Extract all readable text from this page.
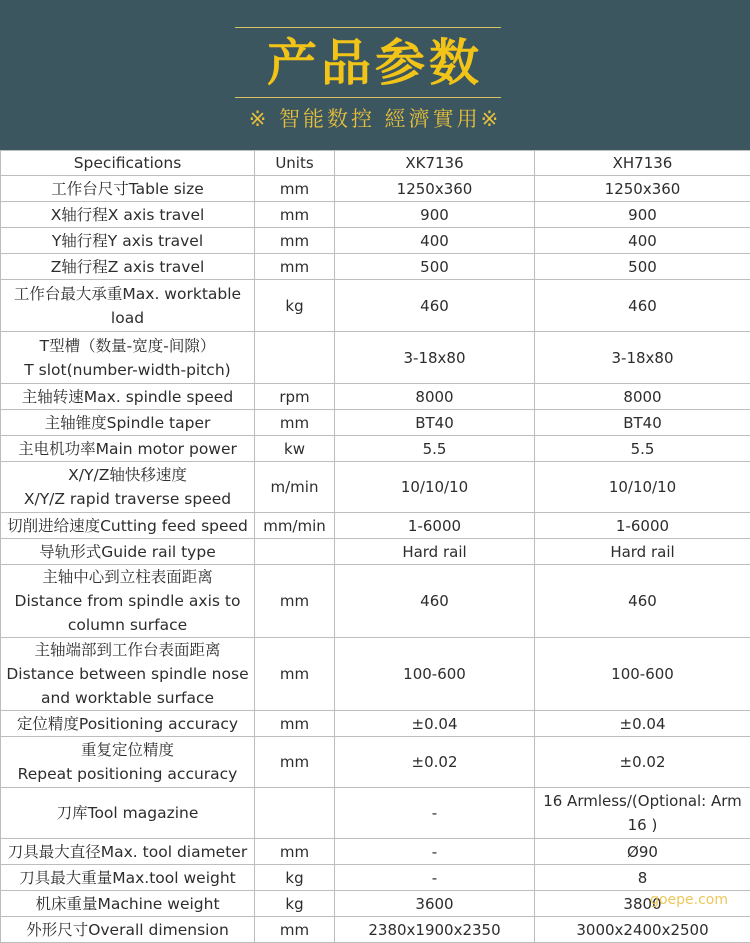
产品参数
※ 智能数控 經濟實用※
Specifications	Units	XK7136	XH7136
工作台尺寸Table size	mm	1250x360	1250x360
X轴行程X axis travel	mm	900	900
Y轴行程Y axis travel	mm	400	400
Z轴行程Z axis travel	mm	500	500
工作台最大承重Max. worktable load	kg	460	460
T型槽（数量-宽度-间隙）
T slot(number-width-pitch)		3-18x80	3-18x80
主轴转速Max. spindle speed	rpm	8000	8000
主轴锥度Spindle taper	mm	BT40	BT40
主电机功率Main motor power	kw	5.5	5.5
X/Y/Z轴快移速度
X/Y/Z rapid traverse speed	m/min	10/10/10	10/10/10
切削进给速度Cutting feed speed	mm/min	1-6000	1-6000
导轨形式Guide rail type		Hard rail	Hard rail
主轴中心到立柱表面距离
Distance from spindle axis to column surface	mm	460	460
主轴端部到工作台表面距离
Distance between spindle nose and worktable surface	mm	100-600	100-600
定位精度Positioning accuracy	mm	±0.04	±0.04
重复定位精度
Repeat positioning accuracy	mm	±0.02	±0.02
刀库Tool magazine		-	16 Armless/(Optional: Arm 16 )
刀具最大直径Max. tool diameter	mm	-	Ø90
刀具最大重量Max.tool weight	kg	-	8
机床重量Machine weight	kg	3600	3800
外形尺寸Overall dimension	mm	2380x1900x2350	3000x2400x2500
goepe.com
